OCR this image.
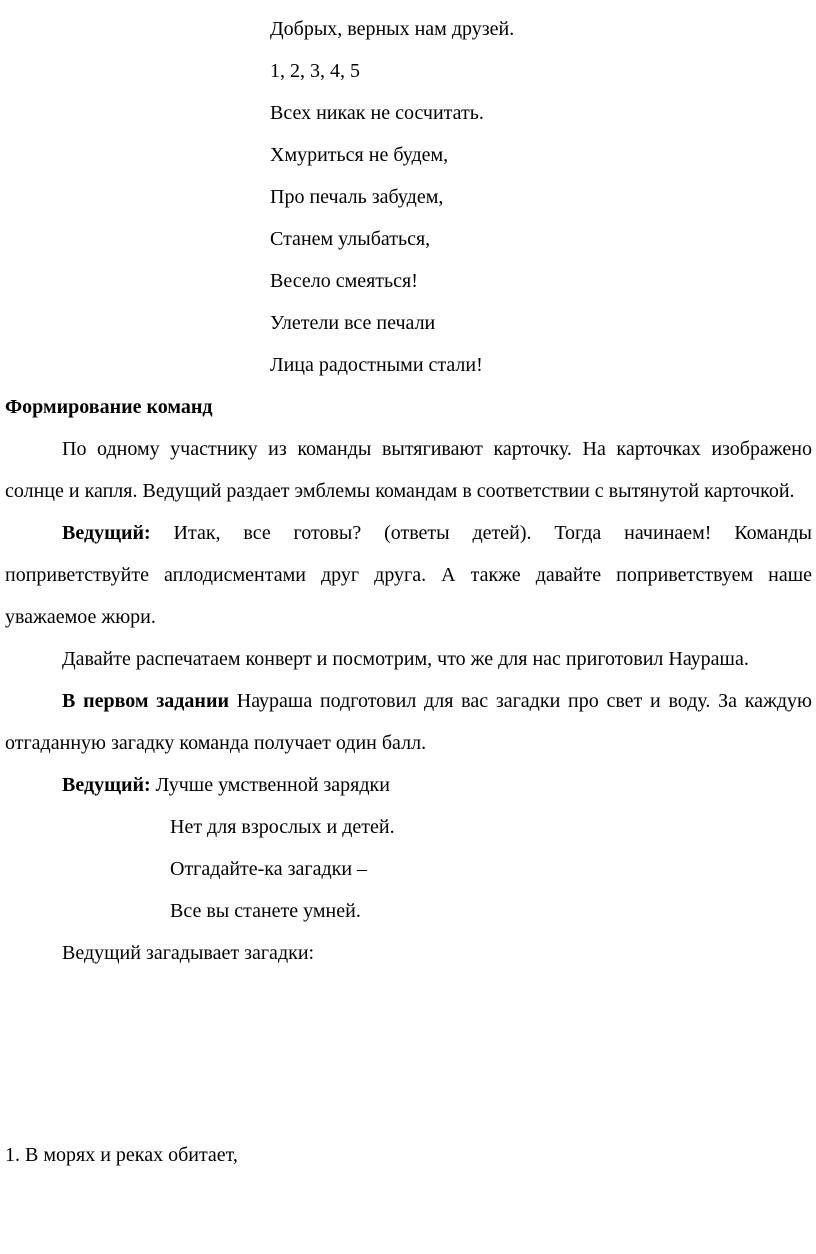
Добрых, верных нам друзей.
1, 2, 3, 4, 5
Всех никак не сосчитать.
Хмуриться не будем,
Про печаль забудем,
Станем улыбаться,
Весело смеяться!
Улетели все печали
Лица радостными стали!

Формирование команд

По одному участнику из команды вытягивают карточку. На карточках изображено солнце и капля. Ведущий раздает эмблемы командам в соответствии с вытянутой карточкой.

Ведущий: Итак, все готовы? (ответы детей). Тогда начинаем! Команды поприветствуйте аплодисментами друг друга. А также давайте поприветствуем наше уважаемое жюри.

Давайте распечатаем конверт и посмотрим, что же для нас приготовил Наураша.

В первом задании Наураша подготовил для вас загадки про свет и воду. За каждую отгаданную загадку команда получает один балл.

Ведущий: Лучше умственной зарядки

Нет для взрослых и детей.
Отгадайте-ка загадки –
Все вы станете умней.

Ведущий загадывает загадки:

1. В морях и реках обитает,
